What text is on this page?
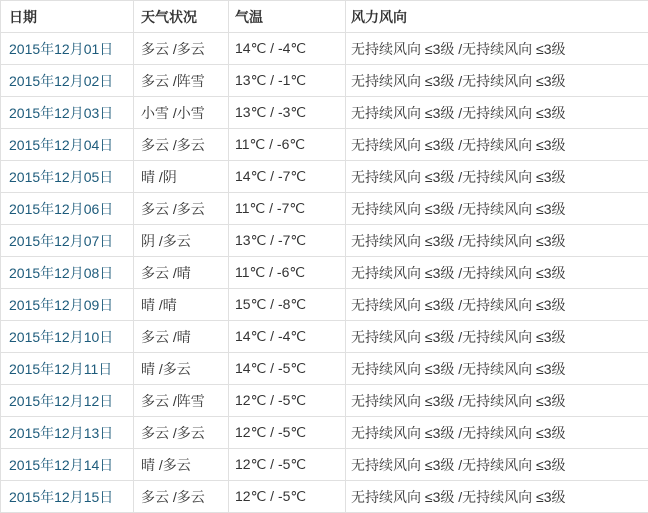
日期	天气状况	气温	风力风向
2015年12月01日	多云 /多云	14℃ / -4℃	无持续风向 ≤3级 /无持续风向 ≤3级
2015年12月02日	多云 /阵雪	13℃ / -1℃	无持续风向 ≤3级 /无持续风向 ≤3级
2015年12月03日	小雪 /小雪	13℃ / -3℃	无持续风向 ≤3级 /无持续风向 ≤3级
2015年12月04日	多云 /多云	11℃ / -6℃	无持续风向 ≤3级 /无持续风向 ≤3级
2015年12月05日	晴 /阴	14℃ / -7℃	无持续风向 ≤3级 /无持续风向 ≤3级
2015年12月06日	多云 /多云	11℃ / -7℃	无持续风向 ≤3级 /无持续风向 ≤3级
2015年12月07日	阴 /多云	13℃ / -7℃	无持续风向 ≤3级 /无持续风向 ≤3级
2015年12月08日	多云 /晴	11℃ / -6℃	无持续风向 ≤3级 /无持续风向 ≤3级
2015年12月09日	晴 /晴	15℃ / -8℃	无持续风向 ≤3级 /无持续风向 ≤3级
2015年12月10日	多云 /晴	14℃ / -4℃	无持续风向 ≤3级 /无持续风向 ≤3级
2015年12月11日	晴 /多云	14℃ / -5℃	无持续风向 ≤3级 /无持续风向 ≤3级
2015年12月12日	多云 /阵雪	12℃ / -5℃	无持续风向 ≤3级 /无持续风向 ≤3级
2015年12月13日	多云 /多云	12℃ / -5℃	无持续风向 ≤3级 /无持续风向 ≤3级
2015年12月14日	晴 /多云	12℃ / -5℃	无持续风向 ≤3级 /无持续风向 ≤3级
2015年12月15日	多云 /多云	12℃ / -5℃	无持续风向 ≤3级 /无持续风向 ≤3级
